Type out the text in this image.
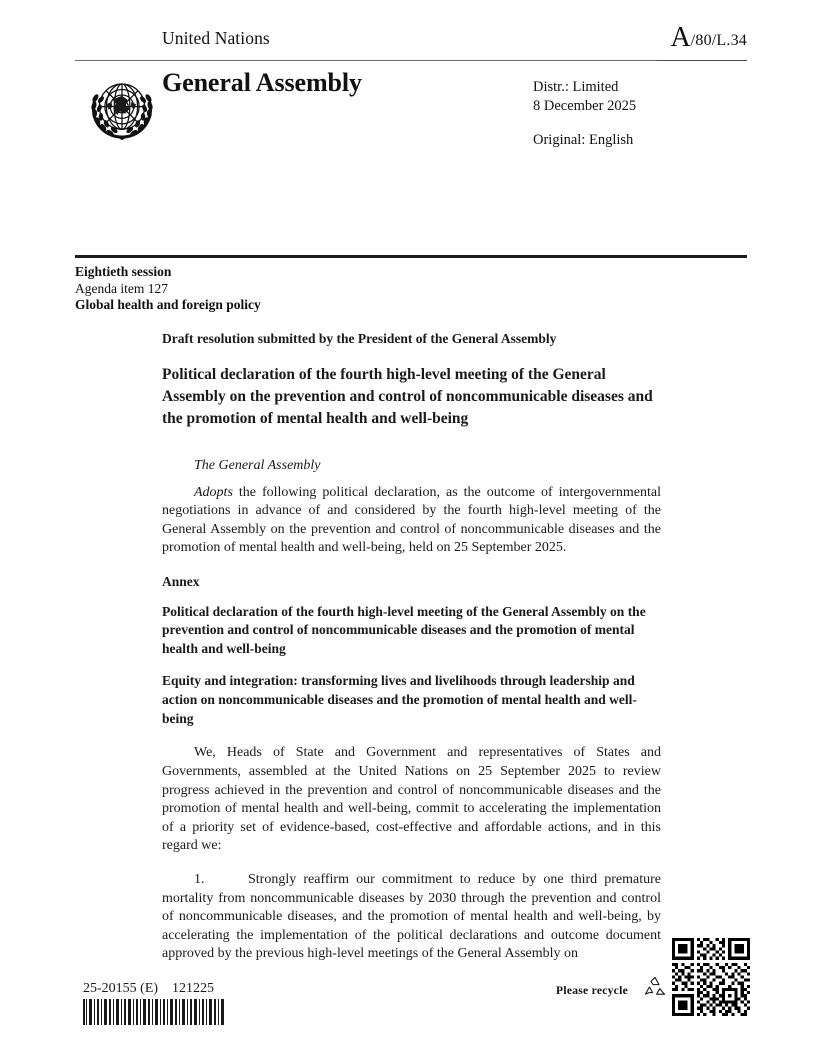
United Nations	A/80/L.34
General Assembly	Distr.: Limited
8 December 2025
Original: English
Eightieth session
Agenda item 127
Global health and foreign policy
Draft resolution submitted by the President of the General Assembly
Political declaration of the fourth high-level meeting of the General Assembly on the prevention and control of noncommunicable diseases and the promotion of mental health and well-being
The General Assembly

Adopts the following political declaration, as the outcome of intergovernmental negotiations in advance of and considered by the fourth high-level meeting of the General Assembly on the prevention and control of noncommunicable diseases and the promotion of mental health and well-being, held on 25 September 2025.

Annex
Political declaration of the fourth high-level meeting of the General Assembly on the prevention and control of noncommunicable diseases and the promotion of mental health and well-being
Equity and integration: transforming lives and livelihoods through leadership and action on noncommunicable diseases and the promotion of mental health and well-being

We, Heads of State and Government and representatives of States and Governments, assembled at the United Nations on 25 September 2025 to review progress achieved in the prevention and control of noncommunicable diseases and the promotion of mental health and well-being, commit to accelerating the implementation of a priority set of evidence-based, cost-effective and affordable actions, and in this regard we:

1.	Strongly reaffirm our commitment to reduce by one third premature mortality from noncommunicable diseases by 2030 through the prevention and control of noncommunicable diseases, and the promotion of mental health and well-being, by accelerating the implementation of the political declarations and outcome document approved by the previous high-level meetings of the General Assembly on

25-20155 (E)    121225	Please recycle
